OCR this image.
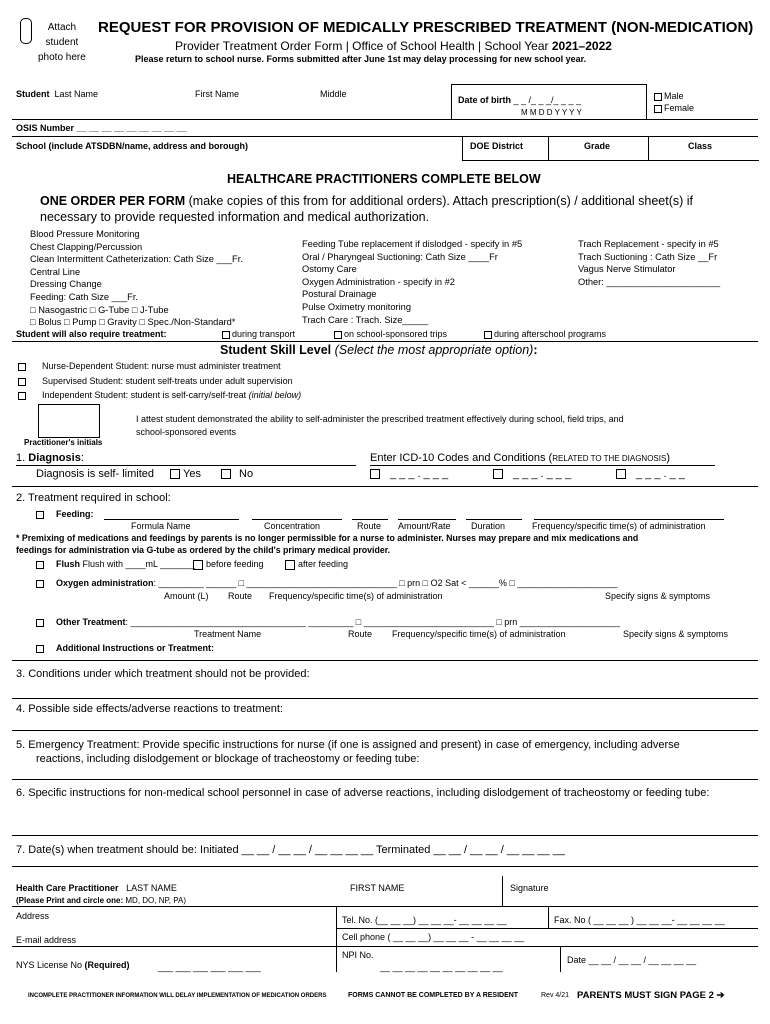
Attach
student
photo here
REQUEST FOR PROVISION OF MEDICALLY PRESCRIBED TREATMENT (NON-MEDICATION)
Provider Treatment Order Form | Office of School Health | School Year 2021–2022
Please return to school nurse. Forms submitted after June 1st may delay processing for new school year.
Student Last Name	First Name	Middle
Date of birth _ _ /_ _ _/_ _ _ _
M M D D Y Y Y Y
Male
Female
OSIS Number __ __ __ __ __ __ __ __ __
School (include ATSDBN/name, address and borough)	DOE District	Grade	Class
HEALTHCARE PRACTITIONERS COMPLETE BELOW
ONE ORDER PER FORM (make copies of this from for additional orders). Attach prescription(s) / additional sheet(s) if
necessary to provide requested information and medical authorization.
Blood Pressure Monitoring
Chest Clapping/Percussion
Clean Intermittent Catheterization: Cath Size ___Fr.
Central Line
Dressing Change
Feeding: Cath Size ___Fr.
□ Nasogastric □ G-Tube □ J-Tube
□ Bolus □ Pump □ Gravity □ Spec./Non-Standard*
Feeding Tube replacement if dislodged - specify in #5
Oral / Pharyngeal Suctioning: Cath Size ____Fr
Ostomy Care
Oxygen Administration - specify in #2
Postural Drainage
Pulse Oximetry monitoring
Trach Care : Trach. Size_____
Trach Replacement - specify in #5
Trach Suctioning : Cath Size __Fr
Vagus Nerve Stimulator
Other: ______________________
Student will also require treatment:	during transport	on school-sponsored trips	during afterschool programs
Student Skill Level (Select the most appropriate option):
Nurse-Dependent Student: nurse must administer treatment
Supervised Student: student self-treats under adult supervision
Independent Student: student is self-carry/self-treat (initial below)
Practitioner's initials
I attest student demonstrated the ability to self-administer the prescribed treatment effectively during school, field trips, and
school-sponsored events
1. Diagnosis:
Diagnosis is self- limited	Yes	No
Enter ICD-10 Codes and Conditions (RELATED TO THE DIAGNOSIS)
_ _ _ . _ _ _	_ _ _ . _ _ _	_ _ _ . _ _
2. Treatment required in school:
Feeding:
Formula Name	Concentration	Route Amount/Rate Duration	Frequency/specific time(s) of administration
* Premixing of medications and feedings by parents is no longer permissible for a nurse to administer. Nurses may prepare and mix medications and
feedings for administration via G-tube as ordered by the child's primary medical provider.
Flush Flush with ____mL _______	before feeding	after feeding
Oxygen administration: _________ ______ □ ______________________________ □ prn □ O2 Sat < ______% □ ____________________
Amount (L) Route Frequency/specific time(s) of administration	Specify signs & symptoms
Other Treatment: ___________________________________ _________ □ __________________________ □ prn ____________________
Treatment Name	Route Frequency/specific time(s) of administration	Specify signs & symptoms
Additional Instructions or Treatment:
3. Conditions under which treatment should not be provided:
4. Possible side effects/adverse reactions to treatment:
5. Emergency Treatment: Provide specific instructions for nurse (if one is assigned and present) in case of emergency, including adverse
reactions, including dislodgement or blockage of tracheostomy or feeding tube:
6. Specific instructions for non-medical school personnel in case of adverse reactions, including dislodgement of tracheostomy or feeding tube:
7. Date(s) when treatment should be: Initiated __ __ / __ __ / __ __ __ __ Terminated __ __ / __ __ / __ __ __ __
Health Care Practitioner LAST NAME
(Please Print and circle one: MD, DO, NP, PA)
FIRST NAME	Signature
Address	Tel. No. (__ __ __) __ __ __- __ __ __ __	Fax. No ( __ __ __ ) __ __ __- __ __ __ __
Cell phone ( __ __ __) __ __ __ - __ __ __ __
E-mail address
NPI No.
__ __ __ __ __ __ __ __ __ __
Date __ __ / __ __ / __ __ __ __
NYS License No (Required)	___ ___ ___ ___ ___ ___
INCOMPLETE PRACTITIONER INFORMATION WILL DELAY IMPLEMENTATION OF MEDICATION ORDERS	FORMS CANNOT BE COMPLETED BY A RESIDENT	Rev 4/21 PARENTS MUST SIGN PAGE 2 ➔
